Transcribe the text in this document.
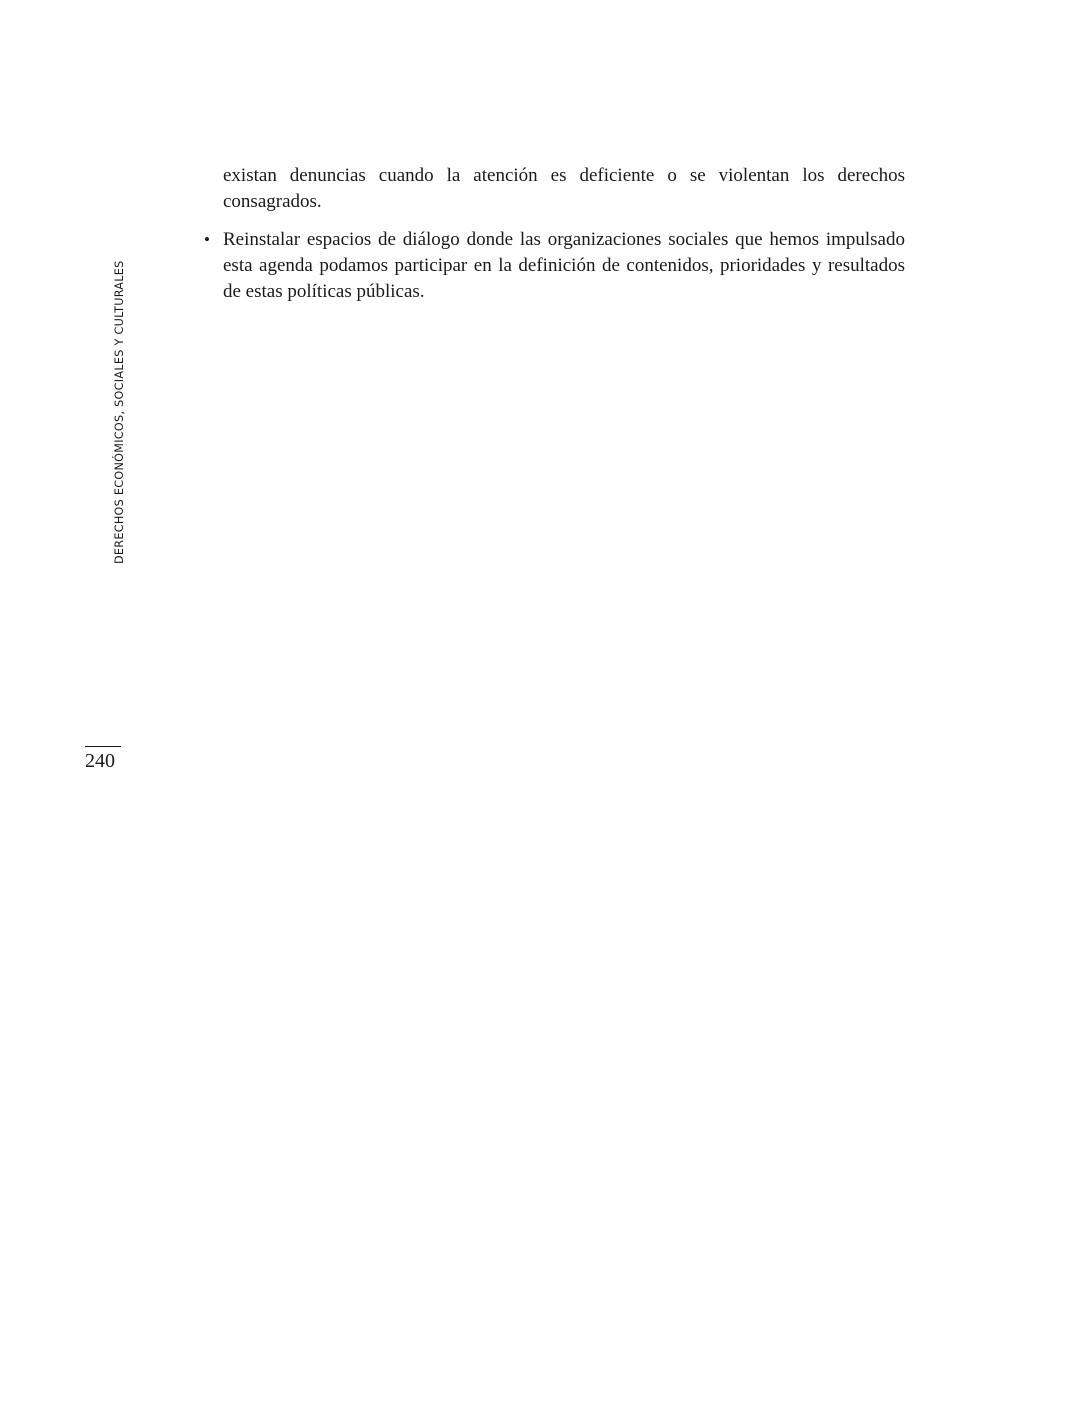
DERECHOS ECONÓMICOS, SOCIALES Y CULTURALES

existan denuncias cuando la atención es deficiente o se violentan los derechos consagrados.

• Reinstalar espacios de diálogo donde las organizaciones sociales que hemos impulsado esta agenda podamos participar en la definición de contenidos, prioridades y resultados de estas políticas públicas.

240
